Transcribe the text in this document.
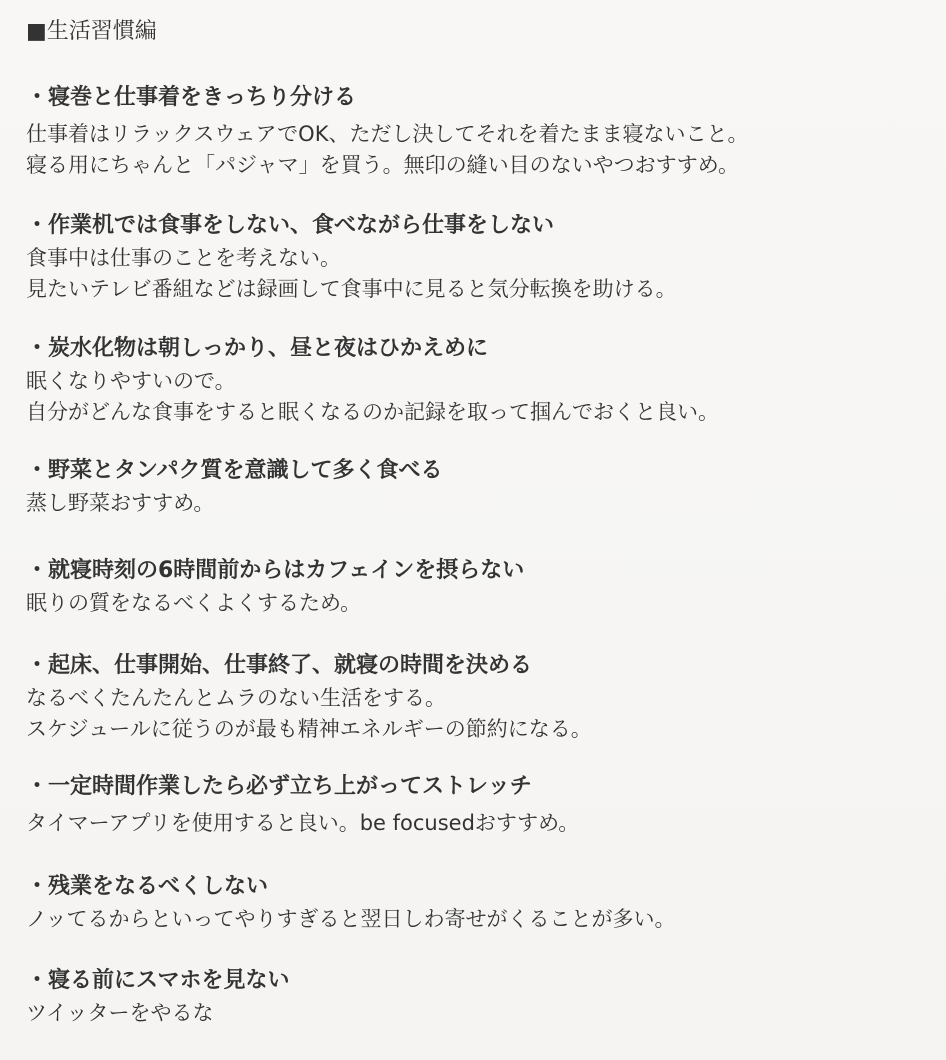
■生活習慣編
・寝巻と仕事着をきっちり分ける
仕事着はリラックスウェアでOK、ただし決してそれを着たまま寝ないこと。
寝る用にちゃんと「パジャマ」を買う。無印の縫い目のないやつおすすめ。
・作業机では食事をしない、食べながら仕事をしない
食事中は仕事のことを考えない。
見たいテレビ番組などは録画して食事中に見ると気分転換を助ける。
・炭水化物は朝しっかり、昼と夜はひかえめに
眠くなりやすいので。
自分がどんな食事をすると眠くなるのか記録を取って掴んでおくと良い。
・野菜とタンパク質を意識して多く食べる
蒸し野菜おすすめ。
・就寝時刻の6時間前からはカフェインを摂らない
眠りの質をなるべくよくするため。
・起床、仕事開始、仕事終了、就寝の時間を決める
なるべくたんたんとムラのない生活をする。
スケジュールに従うのが最も精神エネルギーの節約になる。
・一定時間作業したら必ず立ち上がってストレッチ
タイマーアプリを使用すると良い。be focusedおすすめ。
・残業をなるべくしない
ノッてるからといってやりすぎると翌日しわ寄せがくることが多い。
・寝る前にスマホを見ない
ツイッターをやるな
